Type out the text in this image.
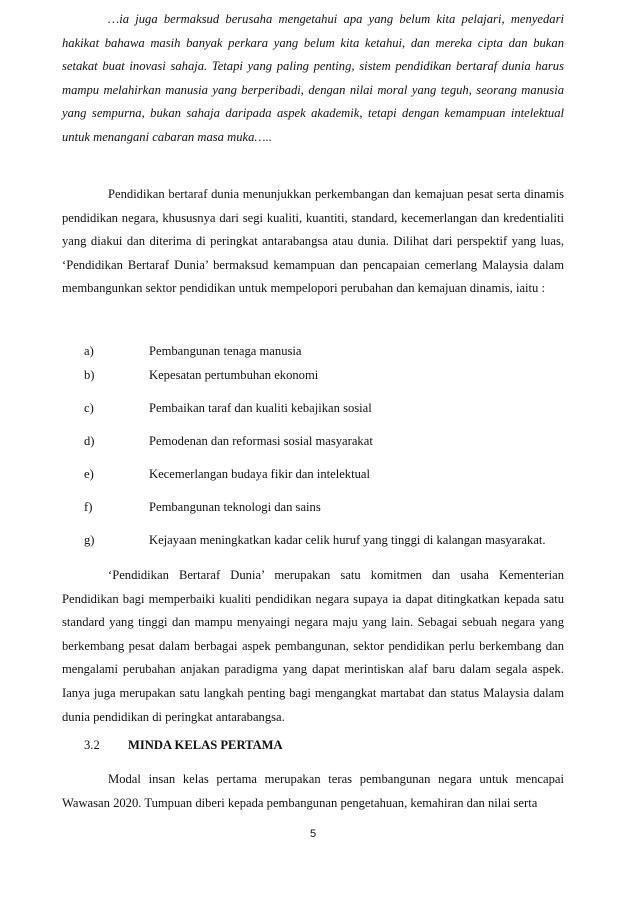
…ia juga bermaksud berusaha mengetahui apa yang belum kita pelajari, menyedari hakikat bahawa masih banyak perkara yang belum kita ketahui, dan mereka cipta dan bukan setakat buat inovasi sahaja. Tetapi yang paling penting, sistem pendidikan bertaraf dunia harus mampu melahirkan manusia yang berperibadi, dengan nilai moral yang teguh, seorang manusia yang sempurna, bukan sahaja daripada aspek akademik, tetapi dengan kemampuan intelektual untuk menangani cabaran masa muka…..

Pendidikan bertaraf dunia menunjukkan perkembangan dan kemajuan pesat serta dinamis pendidikan negara, khususnya dari segi kualiti, kuantiti, standard, kecemerlangan dan kredentialiti yang diakui dan diterima di peringkat antarabangsa atau dunia. Dilihat dari perspektif yang luas, ‘Pendidikan Bertaraf Dunia’ bermaksud kemampuan dan pencapaian cemerlang Malaysia dalam membangunkan sektor pendidikan untuk mempelopori perubahan dan kemajuan dinamis, iaitu :

a)	Pembangunan tenaga manusia
b)	Kepesatan pertumbuhan ekonomi
c)	Pembaikan taraf dan kualiti kebajikan sosial
d)	Pemodenan dan reformasi sosial masyarakat
e)	Kecemerlangan budaya fikir dan intelektual
f)	Pembangunan teknologi dan sains
g)	Kejayaan meningkatkan kadar celik huruf yang tinggi di kalangan masyarakat.

‘Pendidikan Bertaraf Dunia’ merupakan satu komitmen dan usaha Kementerian Pendidikan bagi memperbaiki kualiti pendidikan negara supaya ia dapat ditingkatkan kepada satu standard yang tinggi dan mampu menyaingi negara maju yang lain. Sebagai sebuah negara yang berkembang pesat dalam berbagai aspek pembangunan, sektor pendidikan perlu berkembang dan mengalami perubahan anjakan paradigma yang dapat merintiskan alaf baru dalam segala aspek. Ianya juga merupakan satu langkah penting bagi mengangkat martabat dan status Malaysia dalam dunia pendidikan di peringkat antarabangsa.

3.2 MINDA KELAS PERTAMA

Modal insan kelas pertama merupakan teras pembangunan negara untuk mencapai Wawasan 2020. Tumpuan diberi kepada pembangunan pengetahuan, kemahiran dan nilai serta

5
